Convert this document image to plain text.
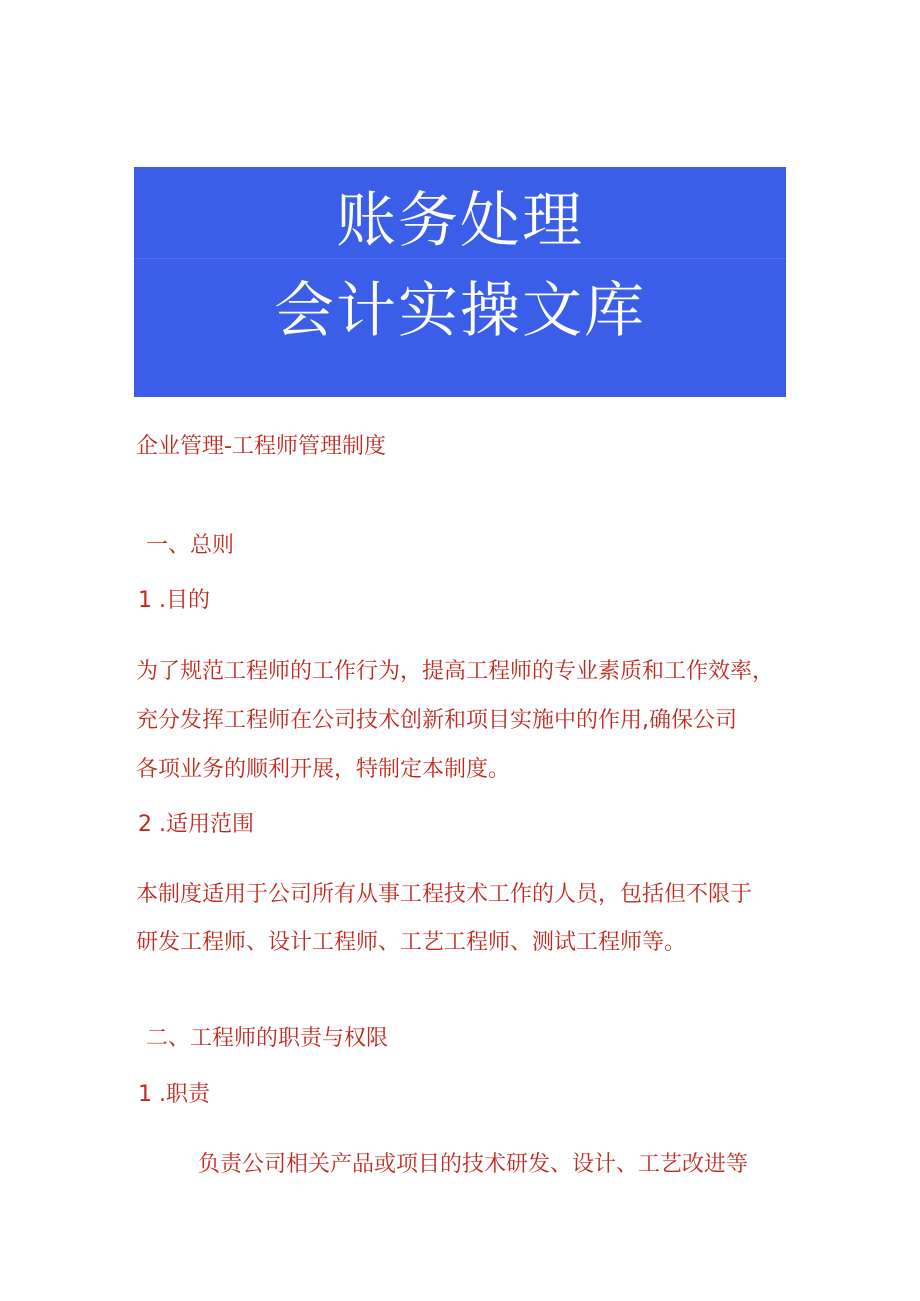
账务处理
会计实操文库
企业管理-工程师管理制度
一、总则
1 .目的
为了规范工程师的工作行为，提高工程师的专业素质和工作效率，
充分发挥工程师在公司技术创新和项目实施中的作用,确保公司
各项业务的顺利开展，特制定本制度。
2 .适用范围
本制度适用于公司所有从事工程技术工作的人员，包括但不限于
研发工程师、设计工程师、工艺工程师、测试工程师等。
二、工程师的职责与权限
1 .职责
负责公司相关产品或项目的技术研发、设计、工艺改进等
